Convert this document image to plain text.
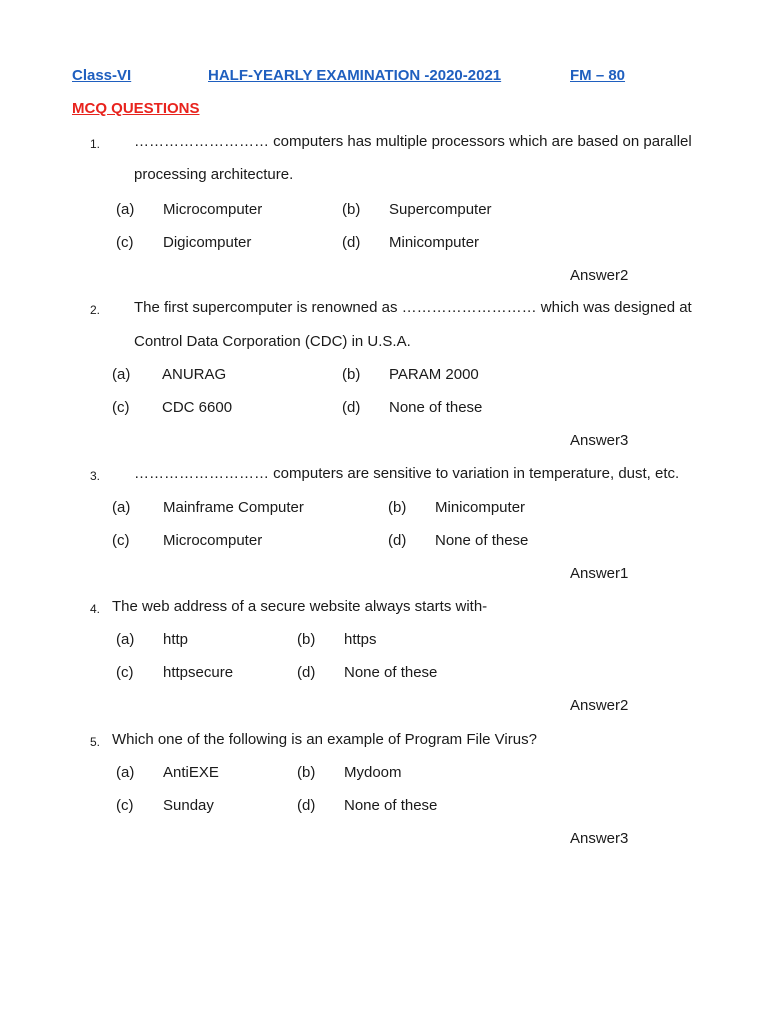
Class-VI	HALF-YEARLY EXAMINATION -2020-2021	FM – 80
MCQ QUESTIONS
1. ……………………… computers has multiple processors which are based on parallel
processing architecture.
(a) Microcomputer	(b) Supercomputer
(c) Digicomputer	(d) Minicomputer
Answer2
2. The first supercomputer is renowned as ……………………… which was designed at
Control Data Corporation (CDC) in U.S.A.
(a) ANURAG	(b) PARAM 2000
(c) CDC 6600	(d) None of these
Answer3
3. ……………………… computers are sensitive to variation in temperature, dust, etc.
(a) Mainframe Computer	(b) Minicomputer
(c) Microcomputer	(d) None of these
Answer1
4. The web address of a secure website always starts with-
(a) http	(b) https
(c) httpsecure	(d) None of these
Answer2
5. Which one of the following is an example of Program File Virus?
(a) AntiEXE	(b) Mydoom
(c) Sunday	(d) None of these
Answer3
